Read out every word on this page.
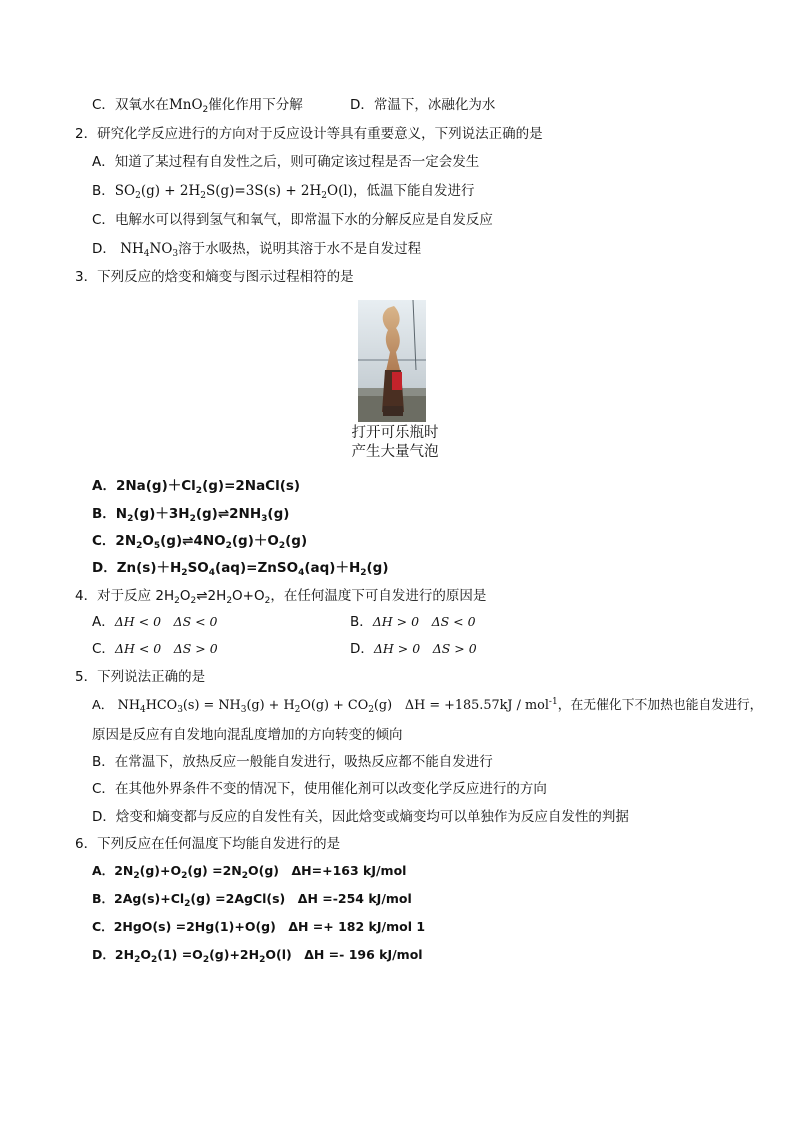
C．双氧水在MnO$_2$催化作用下分解	D．常温下，冰融化为水
2．研究化学反应进行的方向对于反应设计等具有重要意义，下列说法正确的是
A．知道了某过程有自发性之后，则可确定该过程是否一定会发生
B．$SO_2(g) + 2H_2S(g)=3S(s) + 2H_2O(l)$，低温下能自发进行
C．电解水可以得到氢气和氧气，即常温下水的分解反应是自发反应
D． $NH_4NO_3$溶于水吸热，说明其溶于水不是自发过程
3．下列反应的焓变和熵变与图示过程相符的是
打开可乐瓶时
产生大量气泡
A．$2Na(g)+Cl_2(g)=2NaCl(s)$
B．$N_2(g)+3H_2(g)\rightleftharpoons 2NH_3(g)$
C．$2N_2O_5(g)\rightleftharpoons 4NO_2(g)+O_2(g)$
D．$Zn(s)+H_2SO_4(aq)=ZnSO_4(aq)+H_2(g)$
4．对于反应 $2H_2O_2\rightleftharpoons 2H_2O+O_2$，在任何温度下可自发进行的原因是
A．ΔH < 0　ΔS < 0	B．ΔH > 0　ΔS < 0
C．ΔH < 0　ΔS > 0	D．ΔH > 0　ΔS > 0
5．下列说法正确的是
A． $NH_4HCO_3(s) = NH_3(g) + H_2O(g) + CO_2(g)$　ΔH = +185.57kJ / mol$^{-1}$，在无催化下不加热也能自发进行，
原因是反应有自发地向混乱度增加的方向转变的倾向
B．在常温下，放热反应一般能自发进行，吸热反应都不能自发进行
C．在其他外界条件不变的情况下，使用催化剂可以改变化学反应进行的方向
D．焓变和熵变都与反应的自发性有关，因此焓变或熵变均可以单独作为反应自发性的判据
6．下列反应在任何温度下均能自发进行的是
A．$2N_2(g)+O_2(g) =2N_2O(g)$　ΔH=+163 kJ/mol
B．$2Ag(s)+Cl_2(g)$ =2AgCl(s)　ΔH =-254 kJ/mol
C．2HgO(s) =2Hg(1)+O(g)　ΔH =+ 182 kJ/mol 1
D．$2H_2O_2(1) =O_2(g)+2H_2O(l)$　ΔH =- 196 kJ/mol
